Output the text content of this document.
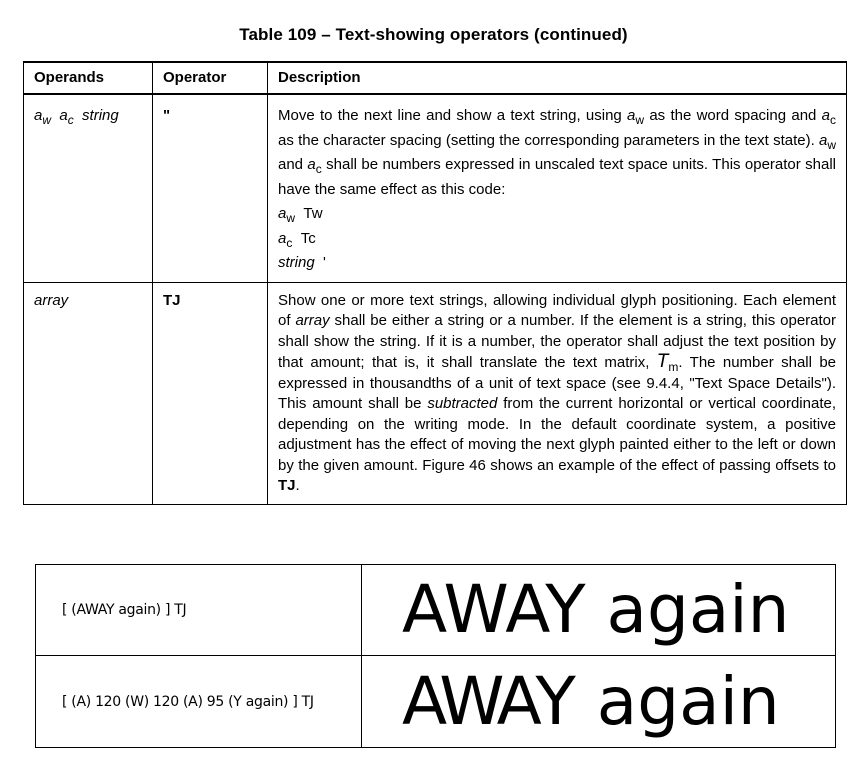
Table 109 – Text-showing operators (continued)
Operands	Operator	Description
$a_w$ $a_c$ string	"	Move to the next line and show a text string, using $a_w$ as the word spacing and $a_c$ as the character spacing (setting the corresponding parameters in the text state). $a_w$ and $a_c$ shall be numbers expressed in unscaled text space units. This operator shall have the same effect as this code:
$a_w$ Tw
$a_c$ Tc
string '

array	TJ	Show one or more text strings, allowing individual glyph positioning. Each element of array shall be either a string or a number. If the element is a string, this operator shall show the string. If it is a number, the operator shall adjust the text position by that amount; that is, it shall translate the text matrix, $T_m$. The number shall be expressed in thousandths of a unit of text space (see 9.4.4, "Text Space Details"). This amount shall be subtracted from the current horizontal or vertical coordinate, depending on the writing mode. In the default coordinate system, a positive adjustment has the effect of moving the next glyph painted either to the left or down by the given amount. Figure 46 shows an example of the effect of passing offsets to TJ.
[ (AWAY again) ] TJ	AWAY again
[ (A) 120 (W) 120 (A) 95 (Y again) ] TJ	AWAY again
